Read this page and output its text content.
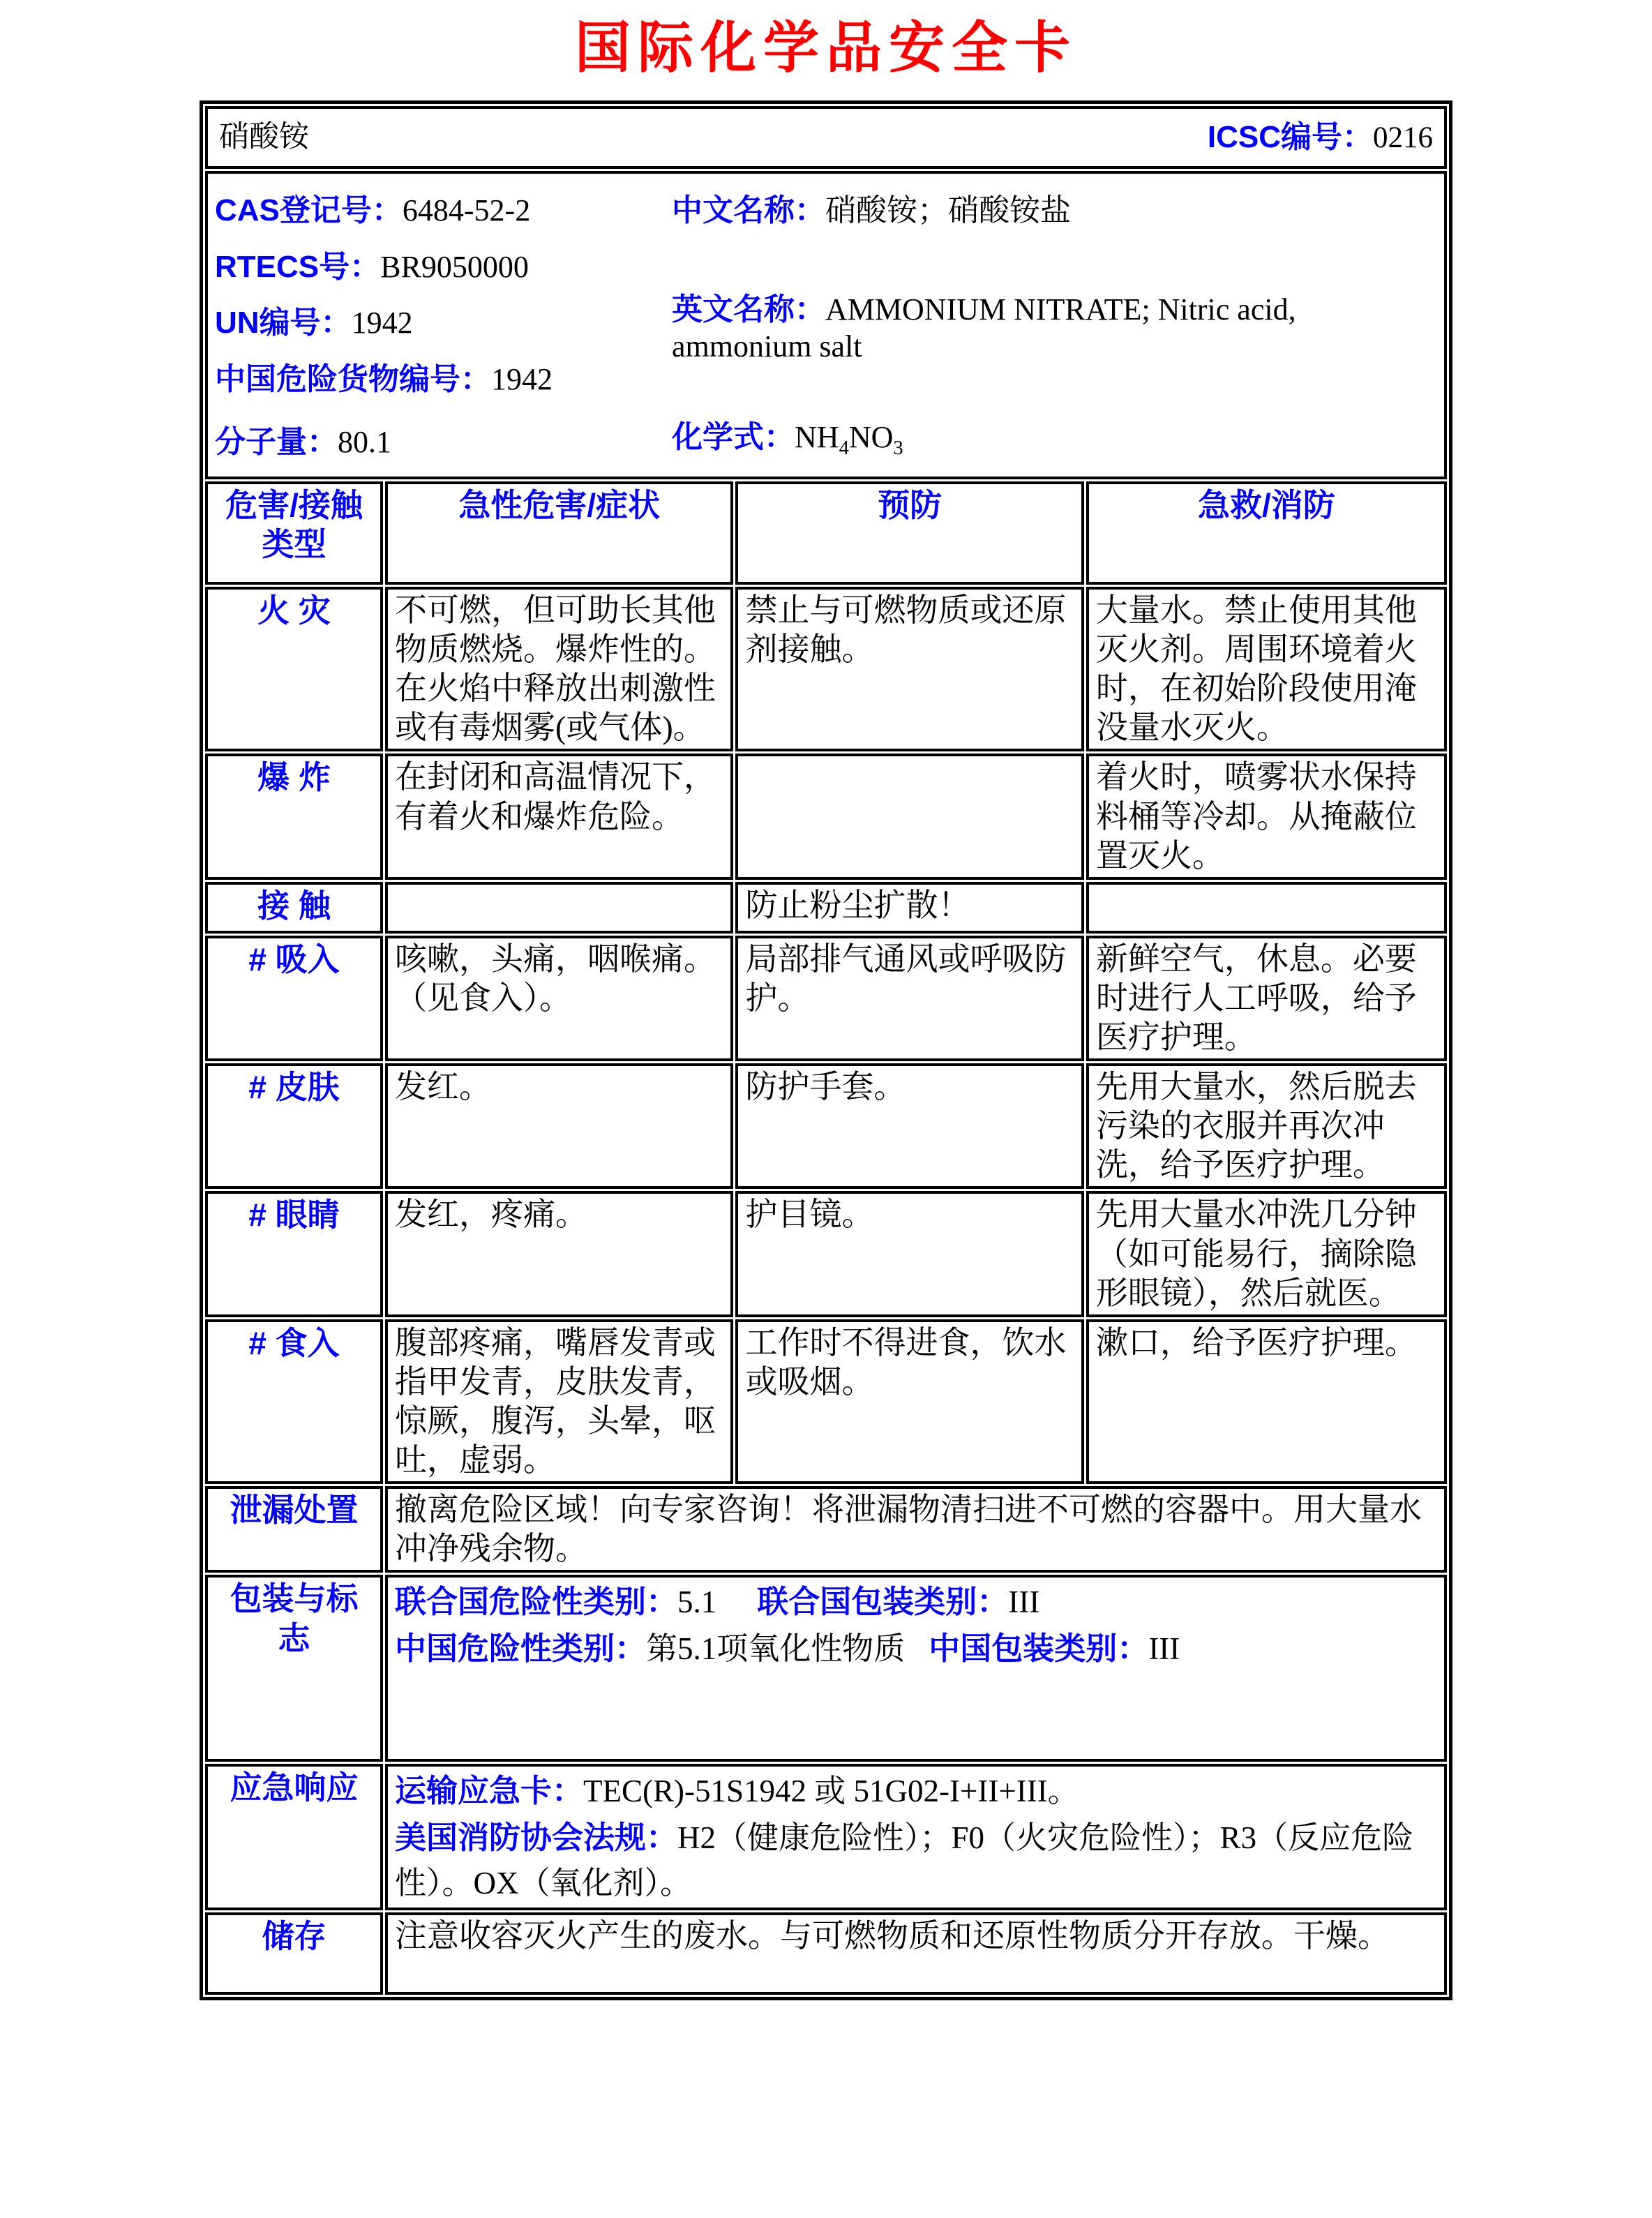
国际化学品安全卡
硝酸铵 ICSC编号：0216			

CAS登记号：6484-52-2
RTECS号：BR9050000
UN编号：1942
中国危险货物编号：1942
分子量：80.1
中文名称：硝酸铵；硝酸铵盐
英文名称：AMMONIUM NITRATE; Nitric acid, ammonium salt
化学式：$NH_4NO_3$

危害/接触
类型	急性危害/症状	预防	急救/消防
火 灾	不可燃，但可助长其他物质燃烧。爆炸性的。在火焰中释放出刺激性或有毒烟雾(或气体)。	禁止与可燃物质或还原剂接触。	大量水。禁止使用其他灭火剂。周围环境着火时，在初始阶段使用淹没量水灭火。
爆 炸	在封闭和高温情况下，有着火和爆炸危险。		着火时，喷雾状水保持料桶等冷却。从掩蔽位置灭火。
接 触		防止粉尘扩散！	
# 吸入	咳嗽，头痛，咽喉痛。（见食入）。	局部排气通风或呼吸防护。	新鲜空气，休息。必要时进行人工呼吸，给予医疗护理。
# 皮肤	发红。	防护手套。	先用大量水，然后脱去污染的衣服并再次冲洗，给予医疗护理。
# 眼睛	发红，疼痛。	护目镜。	先用大量水冲洗几分钟（如可能易行，摘除隐形眼镜），然后就医。
# 食入	腹部疼痛，嘴唇发青或指甲发青，皮肤发青，惊厥，腹泻，头晕，呕吐，虚弱。	工作时不得进食，饮水或吸烟。	漱口，给予医疗护理。
泄漏处置	撤离危险区域！向专家咨询！将泄漏物清扫进不可燃的容器中。用大量水冲净残余物。		
包装与标志	联合国危险性类别：5.1 联合国包装类别：III
中国危险性类别：第5.1项氧化性物质 中国包装类别：III		

应急响应	运输应急卡：TEC(R)-51S1942 或 51G02-I+II+III。
美国消防协会法规：H2（健康危险性）；F0（火灾危险性）；R3（反应危险性）。OX（氧化剂）。		

储存	注意收容灭火产生的废水。与可燃物质和还原性物质分开存放。干燥。		
